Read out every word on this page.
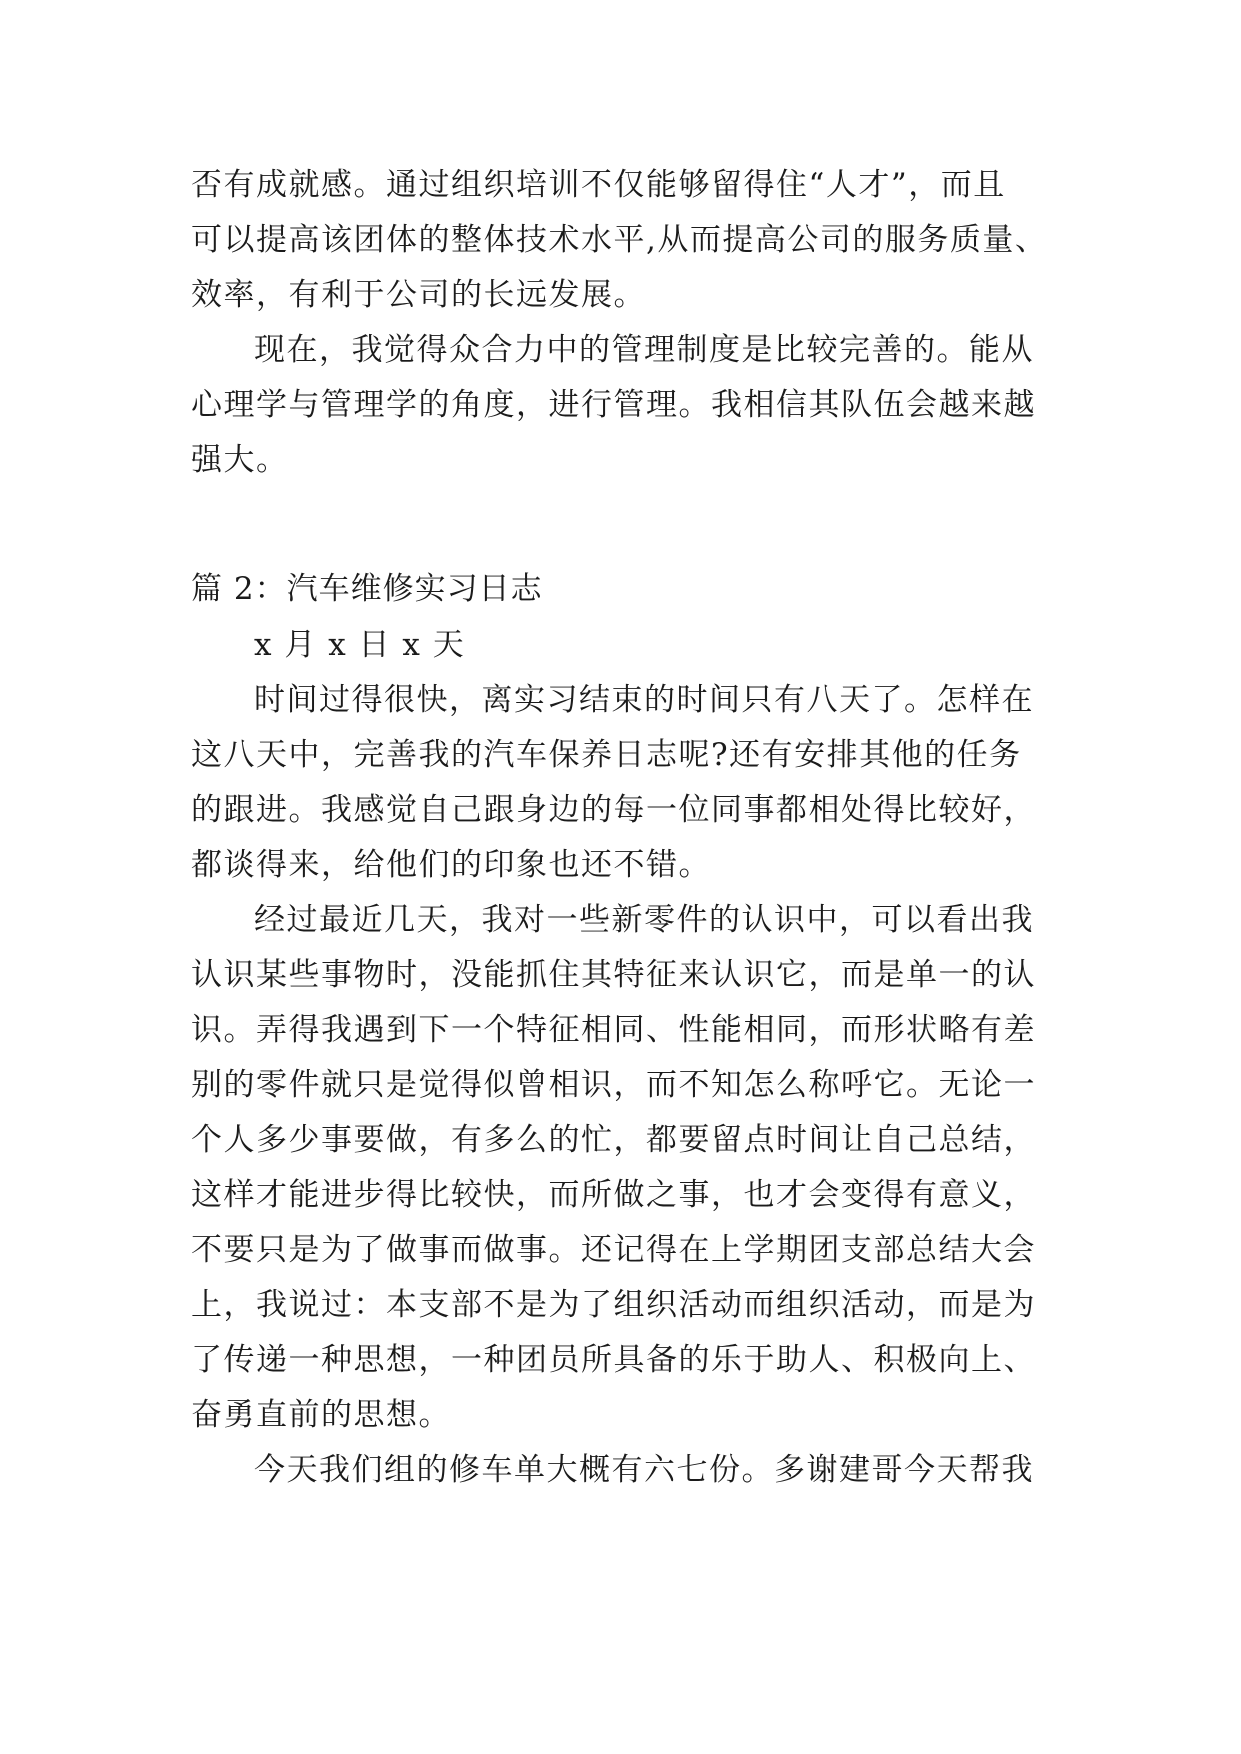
否有成就感。通过组织培训不仅能够留得住“人才”，而且
可以提高该团体的整体技术水平,从而提高公司的服务质量、
效率，有利于公司的长远发展。
现在，我觉得众合力中的管理制度是比较完善的。能从
心理学与管理学的角度，进行管理。我相信其队伍会越来越
强大。
篇 2：汽车维修实习日志
x 月 x 日 x 天
时间过得很快，离实习结束的时间只有八天了。怎样在
这八天中，完善我的汽车保养日志呢?还有安排其他的任务
的跟进。我感觉自己跟身边的每一位同事都相处得比较好，
都谈得来，给他们的印象也还不错。
经过最近几天，我对一些新零件的认识中，可以看出我
认识某些事物时，没能抓住其特征来认识它，而是单一的认
识。弄得我遇到下一个特征相同、性能相同，而形状略有差
别的零件就只是觉得似曾相识，而不知怎么称呼它。无论一
个人多少事要做，有多么的忙，都要留点时间让自己总结，
这样才能进步得比较快，而所做之事，也才会变得有意义，
不要只是为了做事而做事。还记得在上学期团支部总结大会
上，我说过：本支部不是为了组织活动而组织活动，而是为
了传递一种思想，一种团员所具备的乐于助人、积极向上、
奋勇直前的思想。
今天我们组的修车单大概有六七份。多谢建哥今天帮我
